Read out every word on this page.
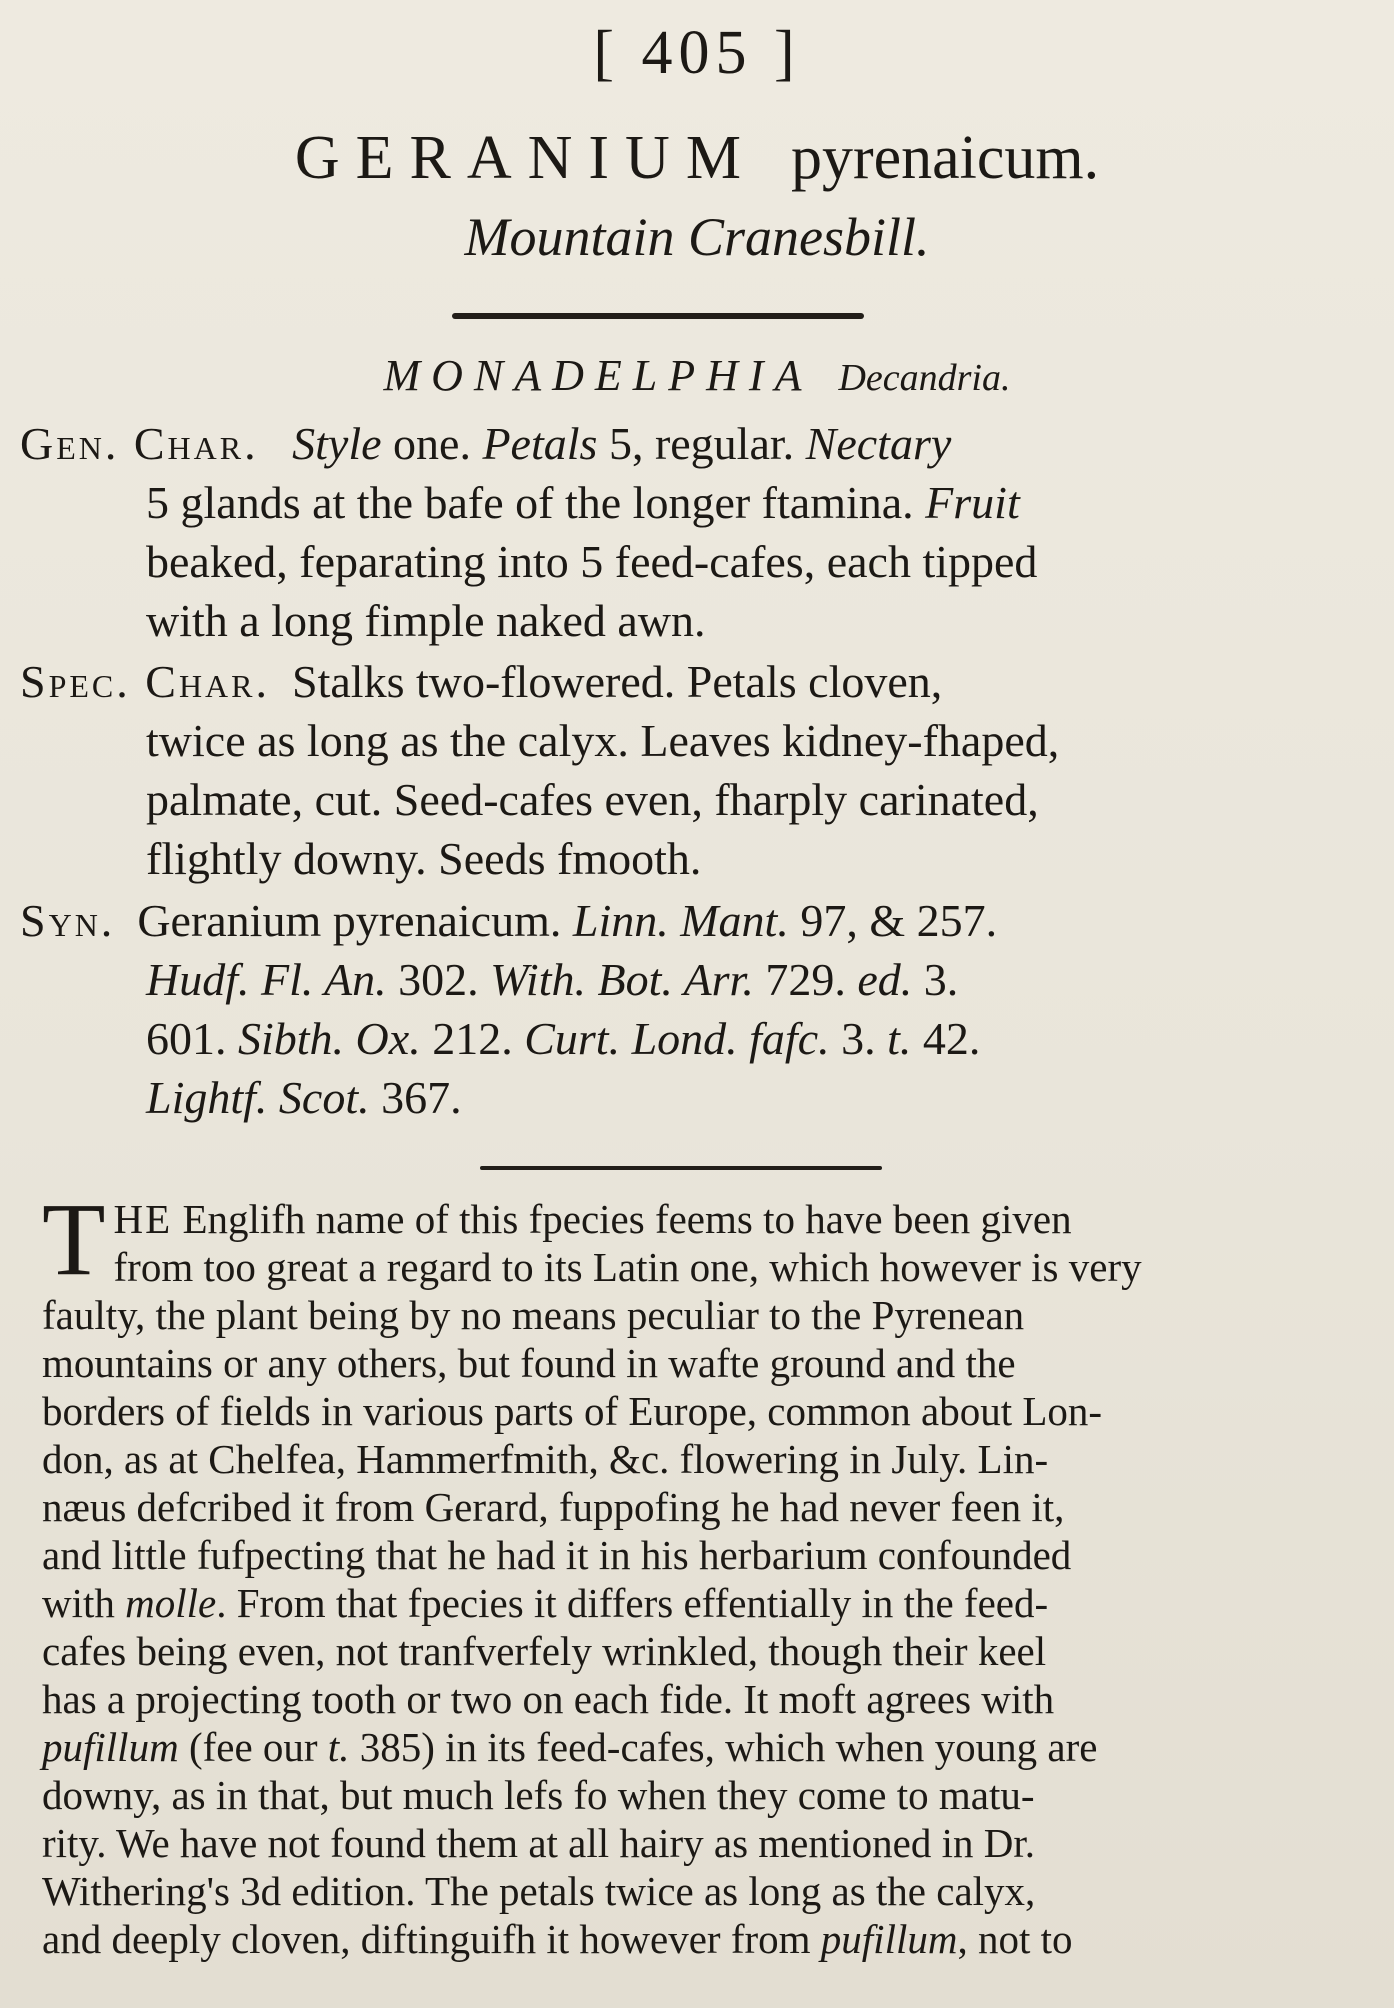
[ 405 ]
GERANIUM pyrenaicum.
Mountain Cranesbill.
MONADELPHIA Decandria.
Gen. Char. Style one. Petals 5, regular. Nectary
5 glands at the bafe of the longer ftamina. Fruit
beaked, feparating into 5 feed-cafes, each tipped
with a long fimple naked awn.
Spec. Char. Stalks two-flowered. Petals cloven,
twice as long as the calyx. Leaves kidney-fhaped,
palmate, cut. Seed-cafes even, fharply carinated,
flightly downy. Seeds fmooth.
Syn. Geranium pyrenaicum. Linn. Mant. 97, & 257.
Hudf. Fl. An. 302. With. Bot. Arr. 729. ed. 3.
601. Sibth. Ox. 212. Curt. Lond. fafc. 3. t. 42.
Lightf. Scot. 367.
T HE Englifh name of this fpecies feems to have been given
from too great a regard to its Latin one, which however is very
faulty, the plant being by no means peculiar to the Pyrenean
mountains or any others, but found in wafte ground and the
borders of fields in various parts of Europe, common about Lon-
don, as at Chelfea, Hammerfmith, &c. flowering in July. Lin-
næus defcribed it from Gerard, fuppofing he had never feen it,
and little fufpecting that he had it in his herbarium confounded
with molle. From that fpecies it differs effentially in the feed-
cafes being even, not tranfverfely wrinkled, though their keel
has a projecting tooth or two on each fide. It moft agrees with
pufillum (fee our t. 385) in its feed-cafes, which when young are
downy, as in that, but much lefs fo when they come to matu-
rity. We have not found them at all hairy as mentioned in Dr.
Withering's 3d edition. The petals twice as long as the calyx,
and deeply cloven, diftinguifh it however from pufillum, not to
